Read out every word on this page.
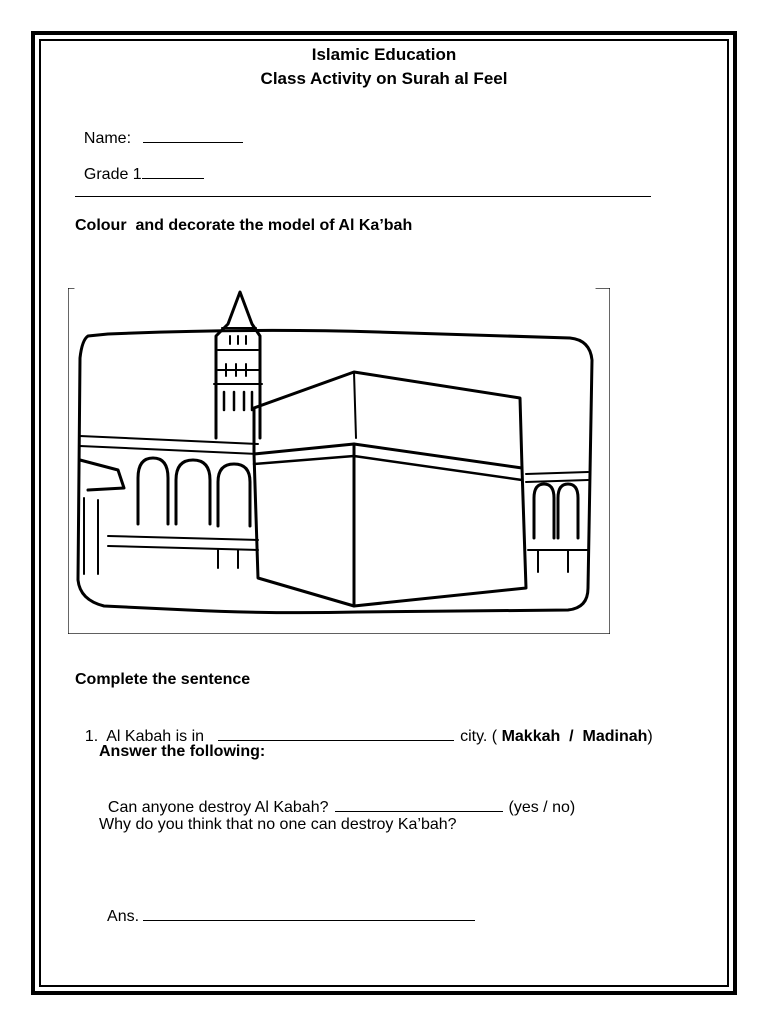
Islamic Education
Class Activity on Surah al Feel

Name:

Grade 1

Colour  and decorate the model of Al Ka’bah
Complete the sentence

1. Al Kabah is in	city. ( Makkah / Madinah)

Answer the following:

Can anyone destroy Al Kabah?	(yes / no)

Why do you think that no one can destroy Ka’bah?

Ans.
